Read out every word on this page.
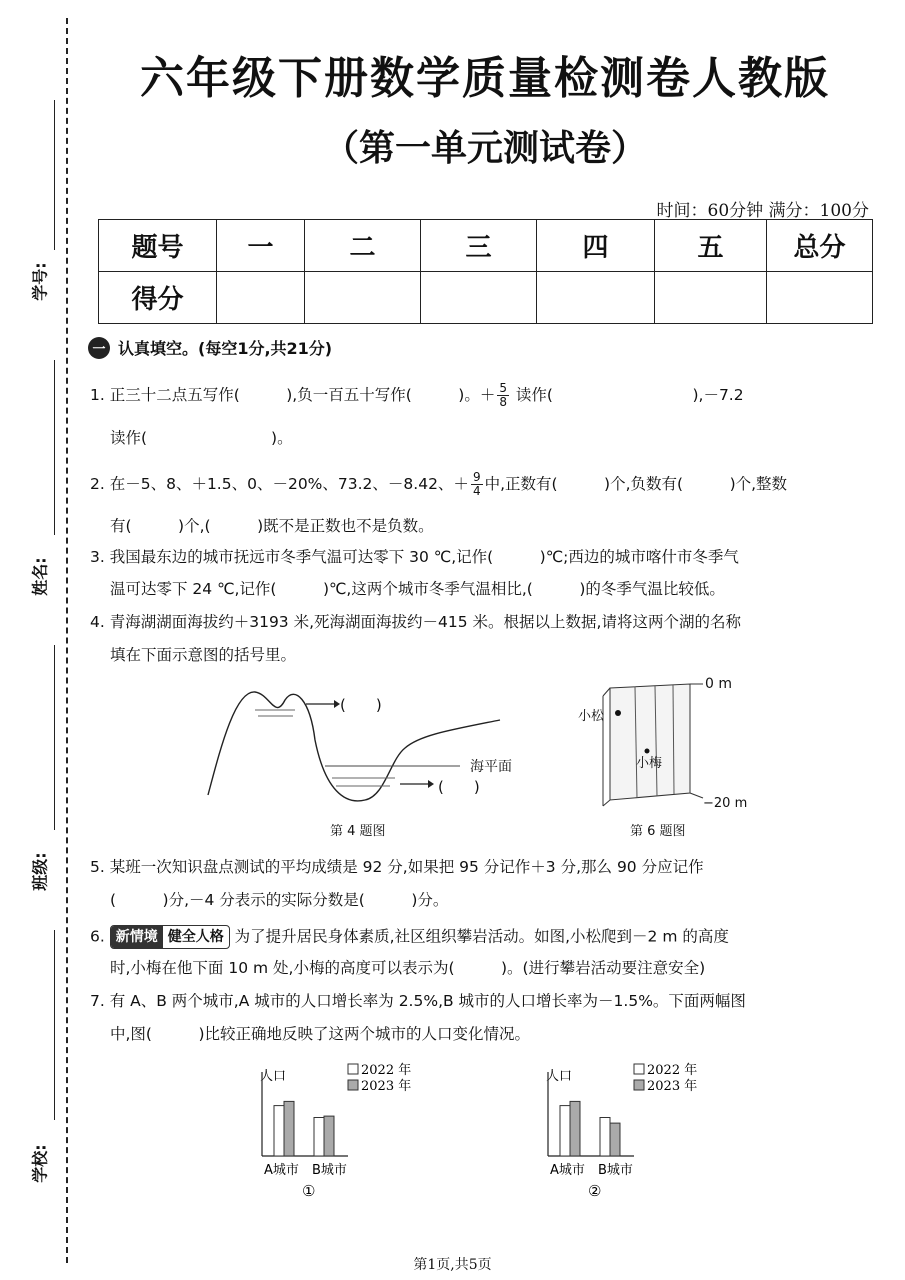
学号:
姓名:
班级:
学校:
六年级下册数学质量检测卷人教版
（第一单元测试卷）
时间：60分钟 满分：100分
题号	一	二	三	四	五	总分
得分						
一 认真填空。(每空1分,共21分)
1. 正三十二点五写作(　　　),负一百五十写作(　　　)。＋ $\frac{5}{8}$ 读作(　　　　　　　　　),－7.2
读作(　　　　　　　　)。
2. 在－5、8、＋1.5、0、－20%、73.2、－8.42、＋ $\frac{9}{4}$ 中,正数有(　　　)个,负数有(　　　)个,整数
有(　　　)个,(　　　)既不是正数也不是负数。
3. 我国最东边的城市抚远市冬季气温可达零下 30 ℃,记作(　　　)℃;西边的城市喀什市冬季气
温可达零下 24 ℃,记作(　　　)℃,这两个城市冬季气温相比,(　　　)的冬季气温比较低。
4. 青海湖湖面海拔约＋3193 米,死海湖面海拔约－415 米。根据以上数据,请将这两个湖的名称
填在下面示意图的括号里。
(　　)
海平面
(　　)
第 4 题图
0 m
−20 m
小松
小梅
第 6 题图
5. 某班一次知识盘点测试的平均成绩是 92 分,如果把 95 分记作＋3 分,那么 90 分应记作
(　　　)分,－4 分表示的实际分数是(　　　)分。
6. 新情境 健全人格 为了提升居民身体素质,社区组织攀岩活动。如图,小松爬到－2 m 的高度
时,小梅在他下面 10 m 处,小梅的高度可以表示为(　　　)。(进行攀岩活动要注意安全)
7. 有 A、B 两个城市,A 城市的人口增长率为 2.5%,B 城市的人口增长率为－1.5%。下面两幅图
中,图(　　　)比较正确地反映了这两个城市的人口变化情况。
人口	2022 年
2023 年
A城市 B城市
①
人口	2022 年
2023 年
A城市 B城市
②
第1页,共5页
